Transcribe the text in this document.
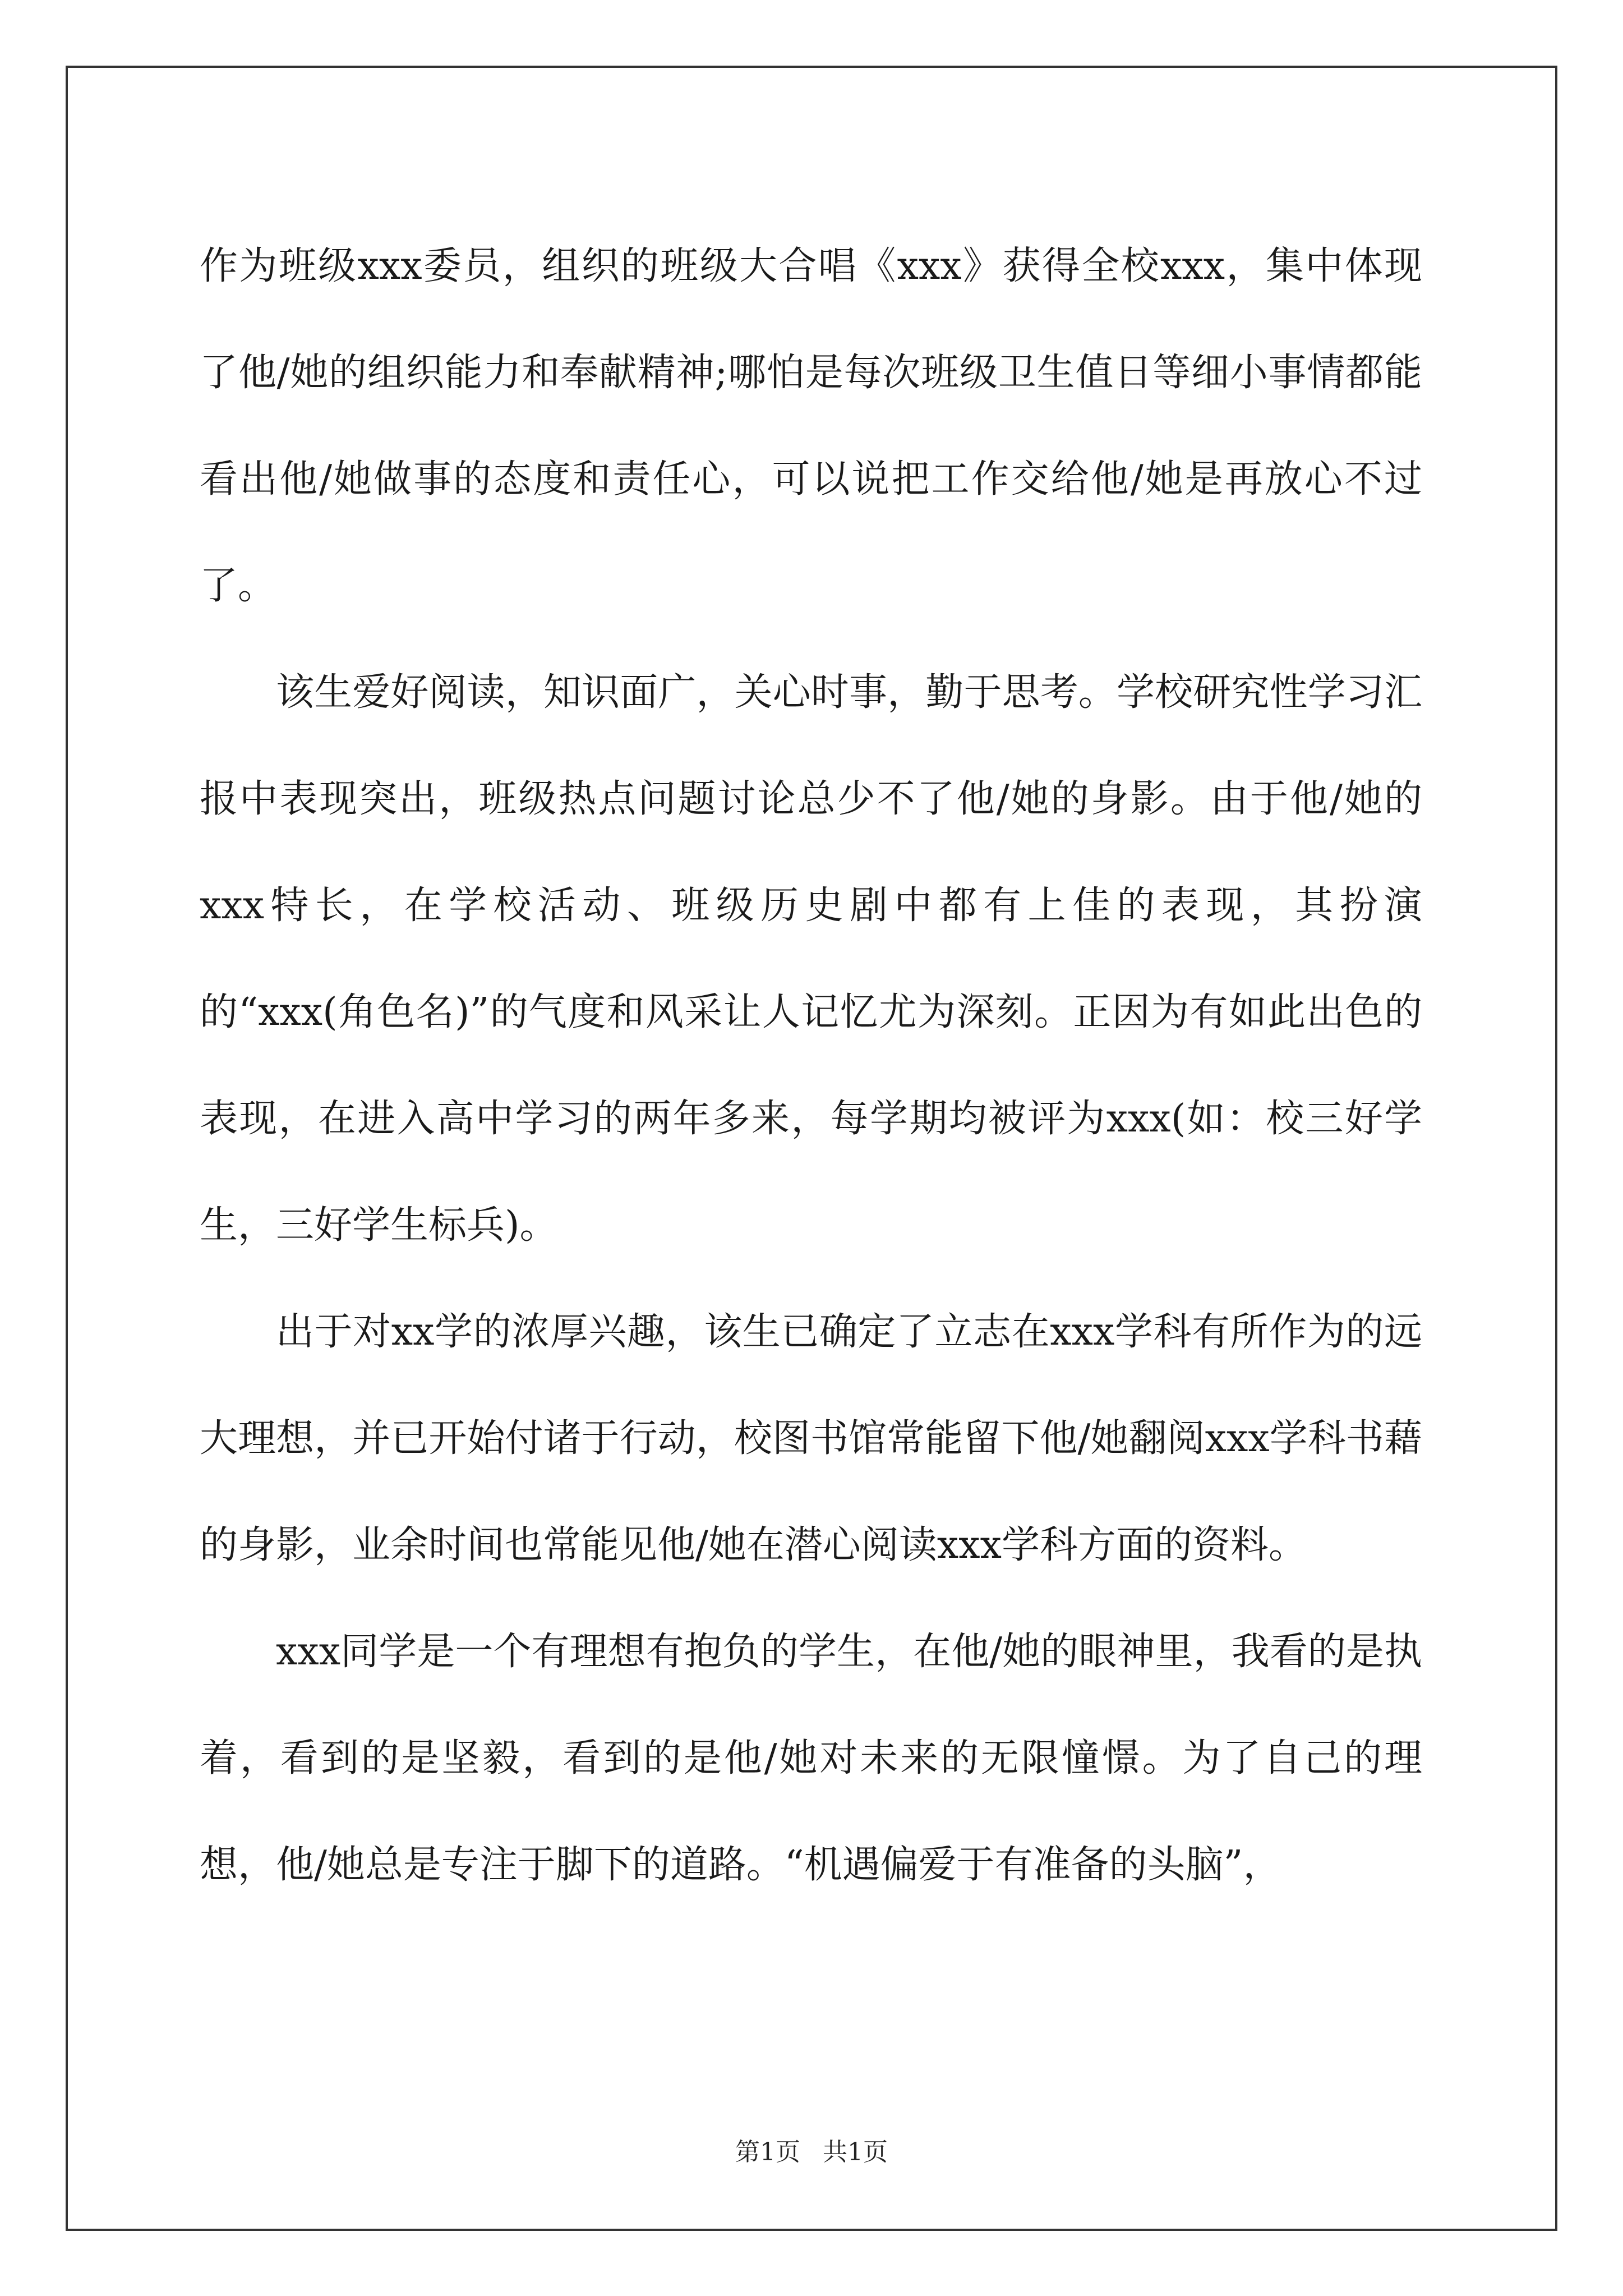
作为班级xxx委员，组织的班级大合唱《xxx》获得全校xxx，集中体现了他/她的组织能力和奉献精神;哪怕是每次班级卫生值日等细小事情都能看出他/她做事的态度和责任心，可以说把工作交给他/她是再放心不过了。

该生爱好阅读，知识面广，关心时事，勤于思考。学校研究性学习汇报中表现突出，班级热点问题讨论总少不了他/她的身影。由于他/她的xxx特长，在学校活动、班级历史剧中都有上佳的表现，其扮演的“xxx(角色名)”的气度和风采让人记忆尤为深刻。正因为有如此出色的表现，在进入高中学习的两年多来，每学期均被评为xxx(如：校三好学生，三好学生标兵)。

出于对xx学的浓厚兴趣，该生已确定了立志在xxx学科有所作为的远大理想，并已开始付诸于行动，校图书馆常能留下他/她翻阅xxx学科书藉的身影，业余时间也常能见他/她在潜心阅读xxx学科方面的资料。

xxx同学是一个有理想有抱负的学生，在他/她的眼神里，我看的是执着，看到的是坚毅，看到的是他/她对未来的无限憧憬。为了自己的理想，他/她总是专注于脚下的道路。“机遇偏爱于有准备的头脑”，

第1页 共1页
